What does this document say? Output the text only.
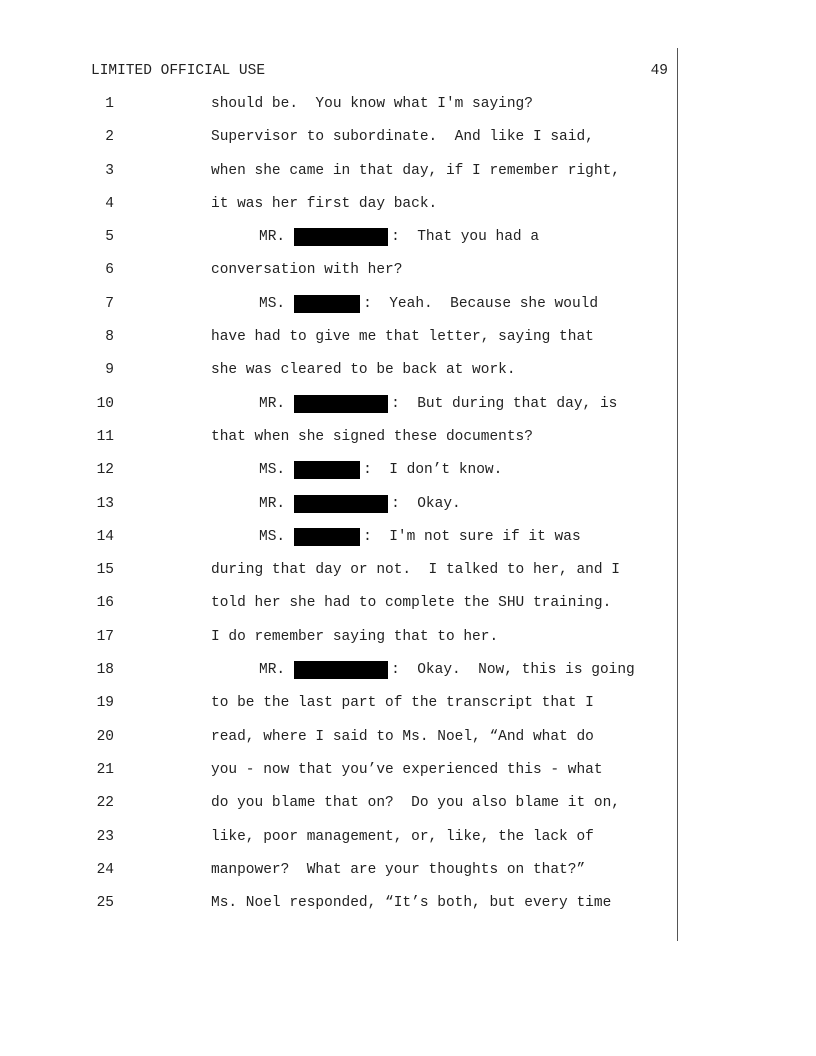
LIMITED OFFICIAL USE	49
1	should be.  You know what I'm saying?
2	Supervisor to subordinate.  And like I said,
3	when she came in that day, if I remember right,
4	it was her first day back.
5	MR.	:  That you had a
6	conversation with her?
7	MS.	:  Yeah.  Because she would
8	have had to give me that letter, saying that
9	she was cleared to be back at work.
10	MR.	:  But during that day, is
11	that when she signed these documents?
12	MS.	:  I don’t know.
13	MR.	:  Okay.
14	MS.	:  I'm not sure if it was
15	during that day or not.  I talked to her, and I
16	told her she had to complete the SHU training.
17	I do remember saying that to her.
18	MR.	:  Okay.  Now, this is going
19	to be the last part of the transcript that I
20	read, where I said to Ms. Noel, “And what do
21	you - now that you’ve experienced this - what
22	do you blame that on?  Do you also blame it on,
23	like, poor management, or, like, the lack of
24	manpower?  What are your thoughts on that?”
25	Ms. Noel responded, “It’s both, but every time
